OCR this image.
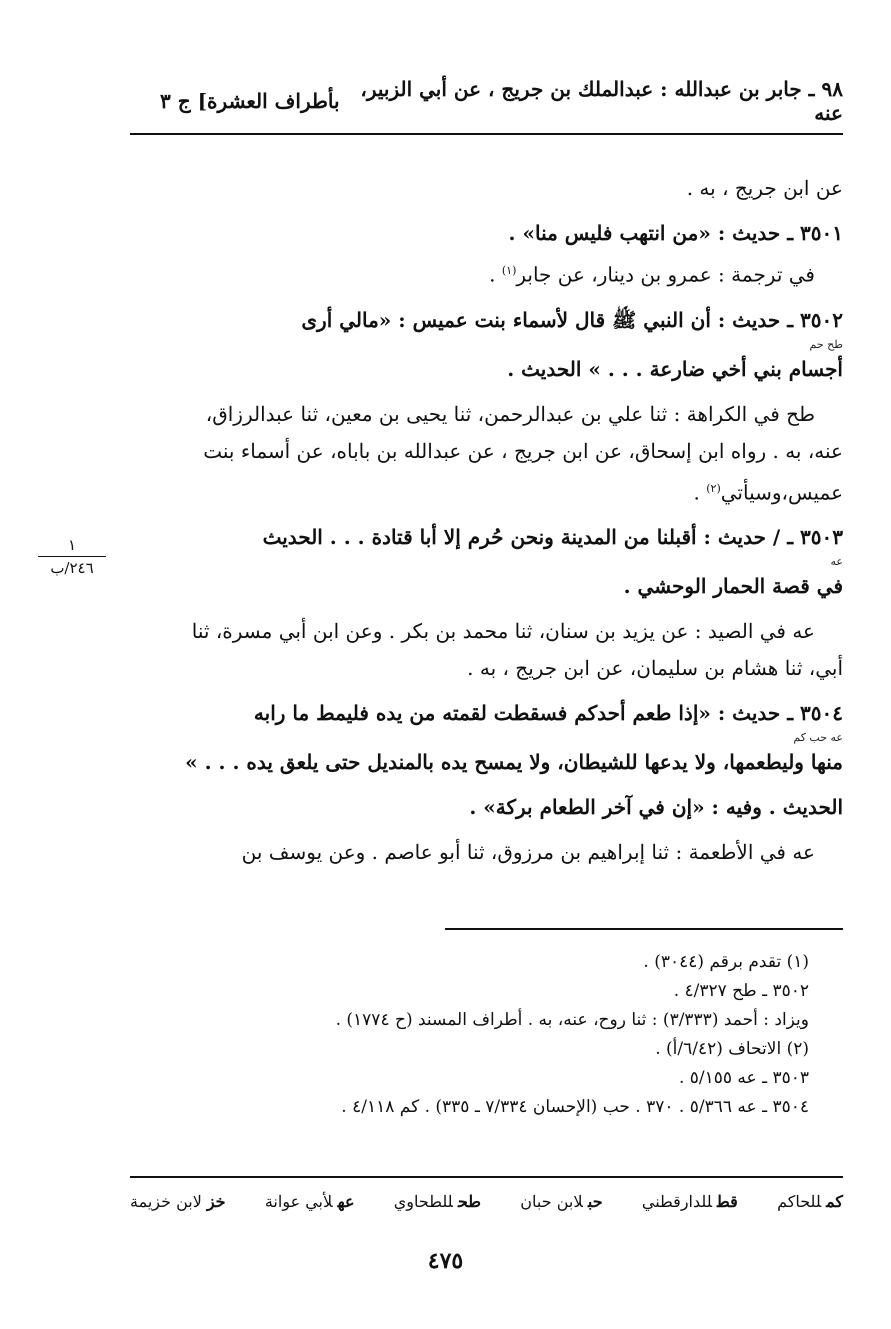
بأطراف العشرة] ج ٣	٩٨ ـ جابر بن عبدالله : عبدالملك بن جريج ، عن أبي الزبير، عنه
١
٢٤٦/ب
عن ابن جريج ، به .
٣٥٠١ ـ حديث : «من انتهب فليس منا» .
في ترجمة : عمرو بن دينار، عن جابر$^{(١)}$ .
٣٥٠٢ ـ حديث : أن النبي ﷺ قال لأسماء بنت عميس : «مالي أرى
طح حم
أجسام بني أخي ضارعة . . . » الحديث .
طح في الكراهة : ثنا علي بن عبدالرحمن، ثنا يحيى بن معين، ثنا عبدالرزاق،
عنه، به . رواه ابن إسحاق، عن ابن جريج ، عن عبدالله بن باباه، عن أسماء بنت
عميس،وسيأتي$^{(٢)}$ .
٣٥٠٣ ـ / حديث : أقبلنا من المدينة ونحن حُرم إلا أبا قتادة . . . الحديث
عه
في قصة الحمار الوحشي .
عه في الصيد : عن يزيد بن سنان، ثنا محمد بن بكر . وعن ابن أبي مسرة، ثنا
أبي، ثنا هشام بن سليمان، عن ابن جريج ، به .
٣٥٠٤ ـ حديث : «إذا طعم أحدكم فسقطت لقمته من يده فليمط ما رابه
عه حب كم
منها وليطعمها، ولا يدعها للشيطان، ولا يمسح يده بالمنديل حتى يلعق يده . . . »
الحديث . وفيه : «إن في آخر الطعام بركة» .
عه في الأطعمة : ثنا إبراهيم بن مرزوق، ثنا أبو عاصم . وعن يوسف بن
(١) تقدم برقم (٣٠٤٤) .
٣٥٠٢ ـ طح ٤/٣٢٧ .
ويزاد : أحمد (٣/٣٣٣) : ثنا روح، عنه، به . أطراف المسند (ح ١٧٧٤) .
(٢) الاتحاف (٦/٤٢/أ) .
٣٥٠٣ ـ عه ٥/١٥٥ .
٣٥٠٤ ـ عه ٥/٣٦٦ . ٣٧٠ . حب (الإحسان ٧/٣٣٤ ـ ٣٣٥) . كم ٤/١١٨ .
خزلابن خزيمة	عهلأبي عوانة	طحللطحاوي	حبلابن حبان	قطللدارقطني	كمللحاكم
٤٧٥
